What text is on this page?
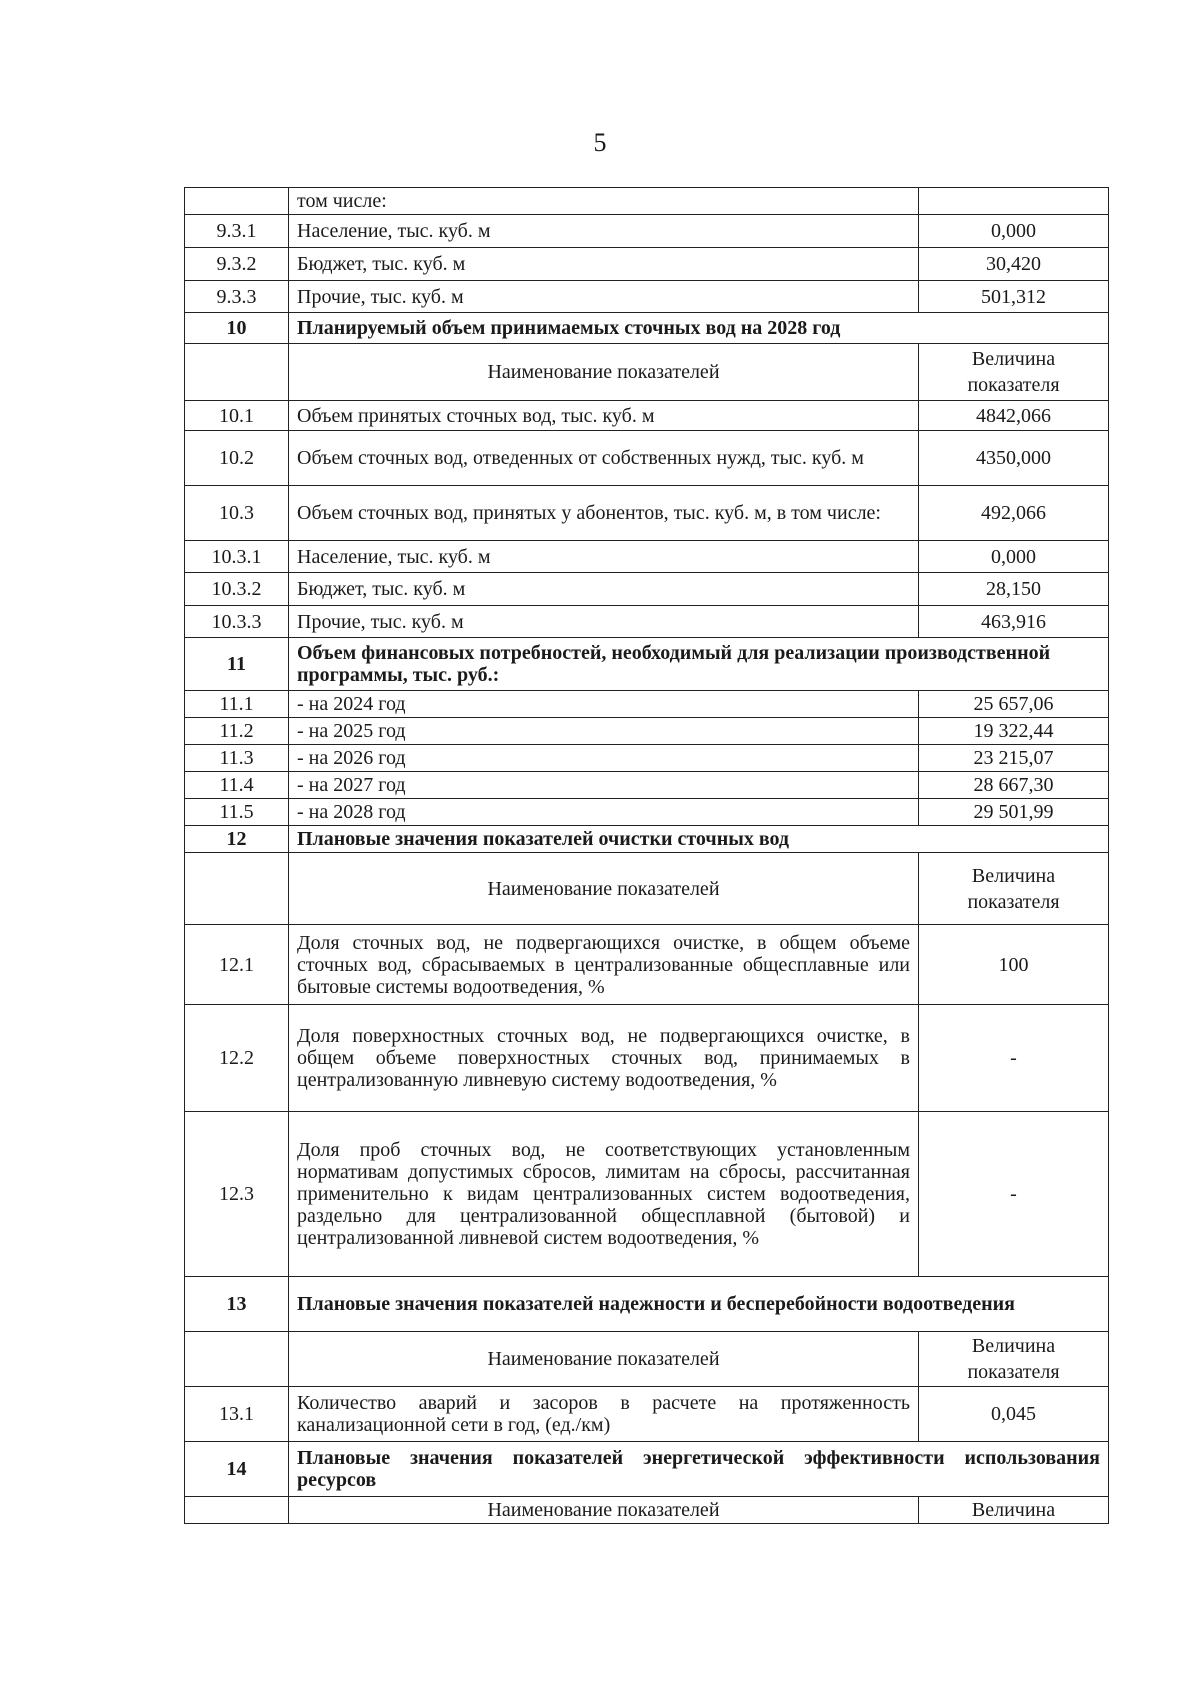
5
	том числе:	
9.3.1	Население, тыс. куб. м	0,000
9.3.2	Бюджет, тыс. куб. м	30,420
9.3.3	Прочие, тыс. куб. м	501,312
10	Планируемый объем принимаемых сточных вод на 2028 год	
	Наименование показателей	Величина показателя
10.1	Объем принятых сточных вод, тыс. куб. м	4842,066
10.2	Объем сточных вод, отведенных от собственных нужд, тыс. куб. м	4350,000
10.3	Объем сточных вод, принятых у абонентов, тыс. куб. м, в том числе:	492,066
10.3.1	Население, тыс. куб. м	0,000
10.3.2	Бюджет, тыс. куб. м	28,150
10.3.3	Прочие, тыс. куб. м	463,916
11	Объем финансовых потребностей, необходимый для реализации производственной программы, тыс. руб.:	
11.1	- на 2024 год	25 657,06
11.2	- на 2025 год	19 322,44
11.3	- на 2026 год	23 215,07
11.4	- на 2027 год	28 667,30
11.5	- на 2028 год	29 501,99
12	Плановые значения показателей очистки сточных вод	
	Наименование показателей	Величина показателя
12.1	Доля сточных вод, не подвергающихся очистке, в общем объеме сточных вод, сбрасываемых в централизованные общесплавные или бытовые системы водоотведения, %	100
12.2	Доля поверхностных сточных вод, не подвергающихся очистке, в общем объеме поверхностных сточных вод, принимаемых в централизованную ливневую систему водоотведения, %	-
12.3	Доля проб сточных вод, не соответствующих установленным нормативам допустимых сбросов, лимитам на сбросы, рассчитанная применительно к видам централизованных систем водоотведения, раздельно для централизованной общесплавной (бытовой) и централизованной ливневой систем водоотведения, %	-
13	Плановые значения показателей надежности и бесперебойности водоотведения	
	Наименование показателей	Величина показателя
13.1	Количество аварий и засоров в расчете на протяженность канализационной сети в год, (ед./км)	0,045
14	Плановые значения показателей энергетической эффективности использования ресурсов	
	Наименование показателей	Величина
